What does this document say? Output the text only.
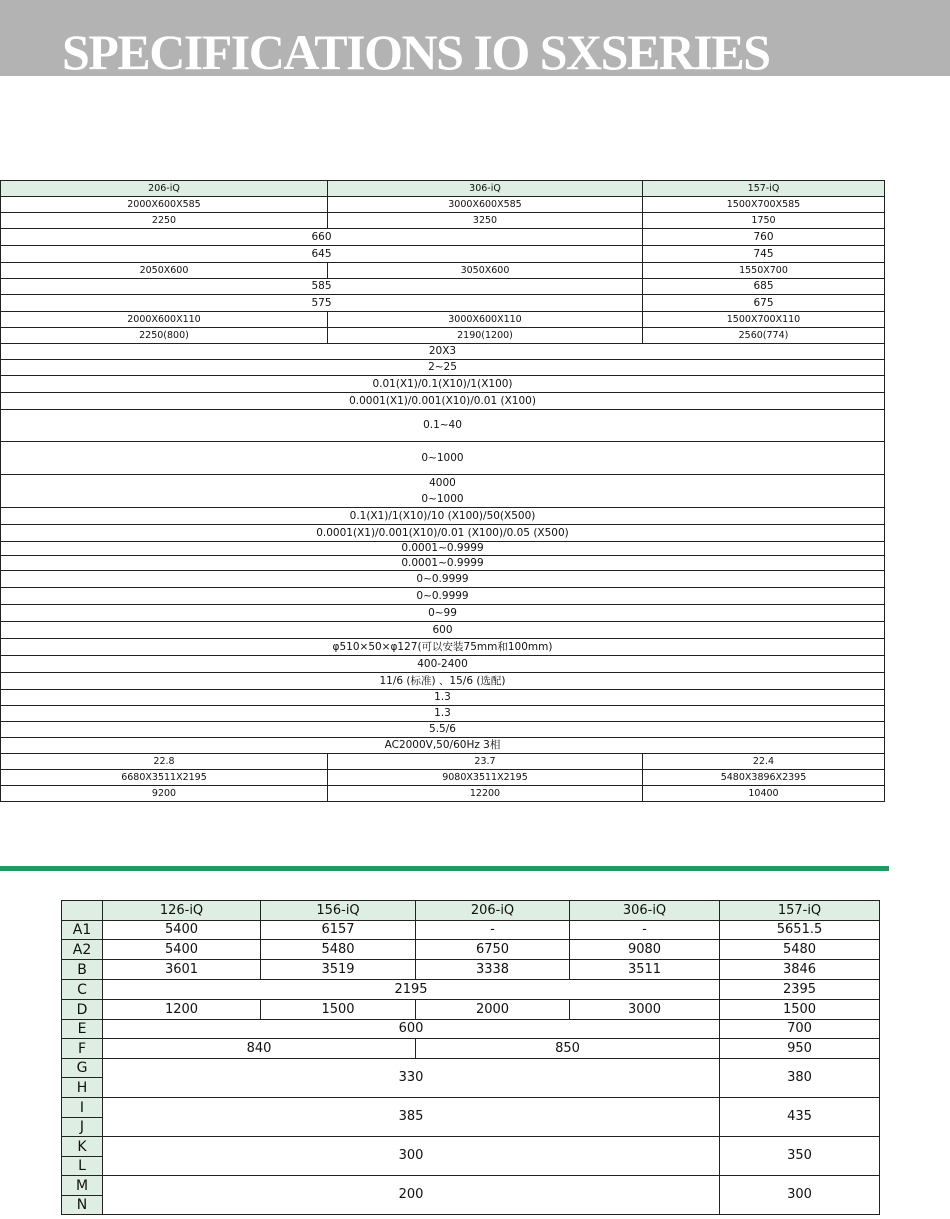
SPECIFICATIONS IO SXSERIES
206-iQ	306-iQ	157-iQ
2000X600X585	3000X600X585	1500X700X585
2250	3250	1750
660		760
645		745
2050X600	3050X600	1550X700
585		685
575		675
2000X600X110	3000X600X110	1500X700X110
2250(800)	2190(1200)	2560(774)
20X3		
2~25		
0.01(X1)/0.1(X10)/1(X100)		
0.0001(X1)/0.001(X10)/0.01 (X100)		
0.1~40		
0~1000		

4000
0~1000		

0.1(X1)/1(X10)/10 (X100)/50(X500)		
0.0001(X1)/0.001(X10)/0.01 (X100)/0.05 (X500)		
0.0001~0.9999		
0.0001~0.9999		
0~0.9999		
0~0.9999		
0~99		
600		
φ510×50×φ127(可以安装75mm和100mm)		
400-2400		
11/6 (标准) 、15/6 (选配)		
1.3		
1.3		
5.5/6		
AC2000V,50/60Hz 3相		
22.8	23.7	22.4
6680X3511X2195	9080X3511X2195	5480X3896X2395
9200	12200	10400
	126-iQ	156-iQ	206-iQ	306-iQ	157-iQ
A1	5400	6157	-	-	5651.5
A2	5400	5480	6750	9080	5480
B	3601	3519	3338	3511	3846
C	2195				2395
D	1200	1500	2000	3000	1500
E	600				700
F	840		850		950
G	330				380
H					
I	385				435
J					
K	300				350
L					
M	200				300
N					
